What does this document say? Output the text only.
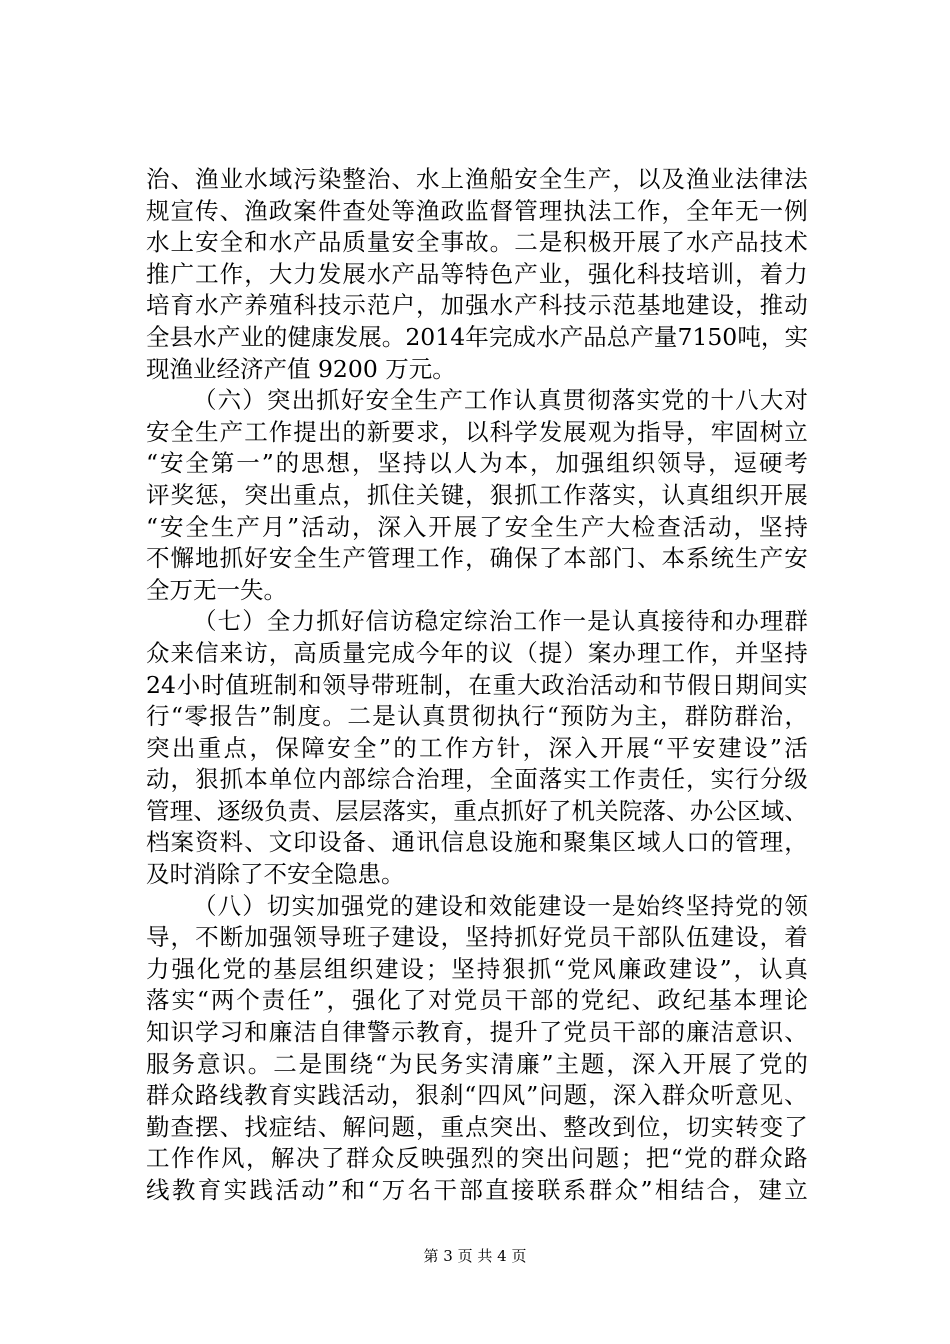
治 、 渔 业 水 域 污 染 整 治 、 水 上 渔 船 安 全 生 产 ， 以 及 渔 业 法 律 法
规 宣 传 、 渔 政 案 件 查 处 等 渔 政 监 督 管 理 执 法 工 作 ， 全 年 无 一 例
水 上 安 全 和 水 产 品 质 量 安 全 事 故 。 二 是 积 极 开 展 了 水 产 品 技 术
推 广 工 作 ， 大 力 发 展 水 产 品 等 特 色 产 业 ， 强 化 科 技 培 训 ， 着 力
培 育 水 产 养 殖 科 技 示 范 户 ， 加 强 水 产 科 技 示 范 基 地 建 设 ， 推 动
全 县 水 产 业 的 健 康 发 展 。 2014 年 完 成 水 产 品 总 产 量 7150 吨 ， 实
现渔业经济产值 9200 万元。
（ 六 ） 突 出 抓 好 安 全 生 产 工 作 认 真 贯 彻 落 实 党 的 十 八 大 对
安 全 生 产 工 作 提 出 的 新 要 求 ， 以 科 学 发 展 观 为 指 导 ， 牢 固 树 立
“ 安 全 第 一 ” 的 思 想 ， 坚 持 以 人 为 本 ， 加 强 组 织 领 导 ， 逗 硬 考
评 奖 惩 ， 突 出 重 点 ， 抓 住 关 键 ， 狠 抓 工 作 落 实 ， 认 真 组 织 开 展
“ 安 全 生 产 月 ” 活 动 ， 深 入 开 展 了 安 全 生 产 大 检 查 活 动 ， 坚 持
不 懈 地 抓 好 安 全 生 产 管 理 工 作 ， 确 保 了 本 部 门 、 本 系 统 生 产 安
全万无一失。
（ 七 ） 全 力 抓 好 信 访 稳 定 综 治 工 作 一 是 认 真 接 待 和 办 理 群
众 来 信 来 访 ， 高 质 量 完 成 今 年 的 议 （ 提 ） 案 办 理 工 作 ， 并 坚 持
24 小 时 值 班 制 和 领 导 带 班 制 ， 在 重 大 政 治 活 动 和 节 假 日 期 间 实
行 “ 零 报 告 ” 制 度 。 二 是 认 真 贯 彻 执 行 “ 预 防 为 主 ， 群 防 群 治 ，
突 出 重 点 ， 保 障 安 全 ” 的 工 作 方 针 ， 深 入 开 展 “ 平 安 建 设 ” 活
动 ， 狠 抓 本 单 位 内 部 综 合 治 理 ， 全 面 落 实 工 作 责 任 ， 实 行 分 级
管 理 、 逐 级 负 责 、 层 层 落 实 ， 重 点 抓 好 了 机 关 院 落 、 办 公 区 域 、
档 案 资 料 、 文 印 设 备 、 通 讯 信 息 设 施 和 聚 集 区 域 人 口 的 管 理 ，
及时消除了不安全隐患。
（ 八 ） 切 实 加 强 党 的 建 设 和 效 能 建 设 一 是 始 终 坚 持 党 的 领
导 ， 不 断 加 强 领 导 班 子 建 设 ， 坚 持 抓 好 党 员 干 部 队 伍 建 设 ， 着
力 强 化 党 的 基 层 组 织 建 设 ； 坚 持 狠 抓 “ 党 风 廉 政 建 设 ” ， 认 真
落 实 “ 两 个 责 任 ” ， 强 化 了 对 党 员 干 部 的 党 纪 、 政 纪 基 本 理 论
知 识 学 习 和 廉 洁 自 律 警 示 教 育 ， 提 升 了 党 员 干 部 的 廉 洁 意 识 、
服 务 意 识 。 二 是 围 绕 “ 为 民 务 实 清 廉 ” 主 题 ， 深 入 开 展 了 党 的
群 众 路 线 教 育 实 践 活 动 ， 狠 刹 “ 四 风 ” 问 题 ， 深 入 群 众 听 意 见 、
勤 查 摆 、 找 症 结 、 解 问 题 ， 重 点 突 出 、 整 改 到 位 ， 切 实 转 变 了
工 作 作 风 ， 解 决 了 群 众 反 映 强 烈 的 突 出 问 题 ； 把 “ 党 的 群 众 路
线 教 育 实 践 活 动 ” 和 “ 万 名 干 部 直 接 联 系 群 众 ” 相 结 合 ， 建 立
第 3 页 共 4 页
